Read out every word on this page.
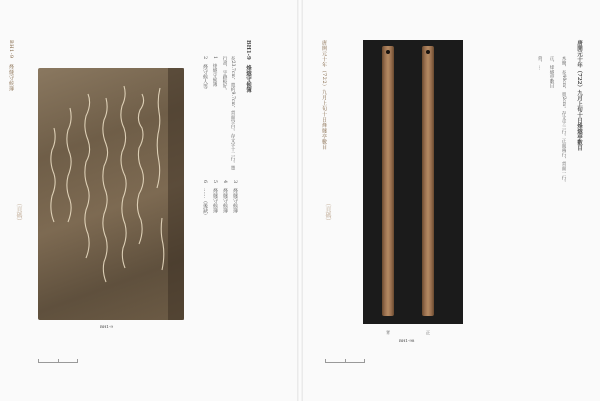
BH1-9　烽燧守候簿
（頁碼）
BH1-9
BH1-9　烽燧守候簿
長23.7cm，寬約9.7cm，背面空白。存文字十二行。墨
行書，字跡較好。
1　烽燧守候簿
2　烽守候人等
3　烽燧守候簿
4　烽燧守候簿
5　烽燧守候簿
6　……（後缺）
唐開元十年（722）九月上旬十日烽燧亭數目
（頁碼）
背	正
BH1-98
唐開元十年（722）九月上旬十日烽燧亭數目
木簡，長40cm，寬2cm。存文字三行。正面兩行，背面一行。
正，烽燧亭數目
背，…
